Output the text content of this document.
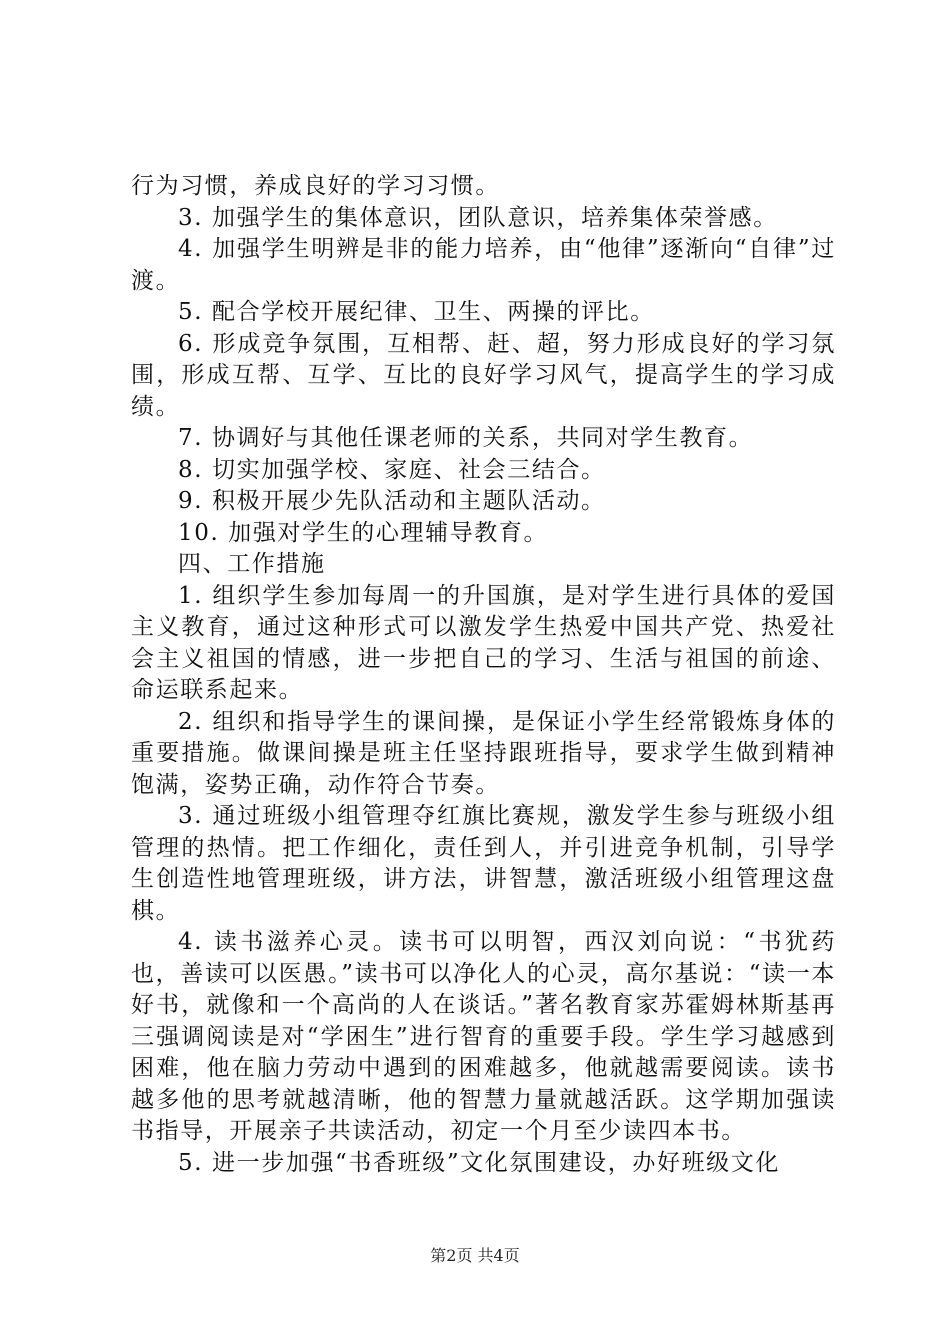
行为习惯，养成良好的学习习惯。

3. 加强学生的集体意识，团队意识，培养集体荣誉感。

4. 加强学生明辨是非的能力培养，由“他律”逐渐向“自律”过渡。

5. 配合学校开展纪律、卫生、两操的评比。

6. 形成竞争氛围，互相帮、赶、超，努力形成良好的学习氛围，形成互帮、互学、互比的良好学习风气，提高学生的学习成绩。

7. 协调好与其他任课老师的关系，共同对学生教育。

8. 切实加强学校、家庭、社会三结合。

9. 积极开展少先队活动和主题队活动。

10. 加强对学生的心理辅导教育。

四、工作措施

1. 组织学生参加每周一的升国旗，是对学生进行具体的爱国主义教育，通过这种形式可以激发学生热爱中国共产党、热爱社会主义祖国的情感，进一步把自己的学习、生活与祖国的前途、命运联系起来。

2. 组织和指导学生的课间操，是保证小学生经常锻炼身体的重要措施。做课间操是班主任坚持跟班指导，要求学生做到精神饱满，姿势正确，动作符合节奏。

3. 通过班级小组管理夺红旗比赛规，激发学生参与班级小组管理的热情。把工作细化，责任到人，并引进竞争机制，引导学生创造性地管理班级，讲方法，讲智慧，激活班级小组管理这盘棋。

4. 读书滋养心灵。读书可以明智，西汉刘向说：“书犹药也，善读可以医愚。”读书可以净化人的心灵，高尔基说：“读一本好书，就像和一个高尚的人在谈话。”著名教育家苏霍姆林斯基再三强调阅读是对“学困生”进行智育的重要手段。学生学习越感到困难，他在脑力劳动中遇到的困难越多，他就越需要阅读。读书越多他的思考就越清晰，他的智慧力量就越活跃。这学期加强读书指导，开展亲子共读活动，初定一个月至少读四本书。

5. 进一步加强“书香班级”文化氛围建设，办好班级文化

第2页 共4页
